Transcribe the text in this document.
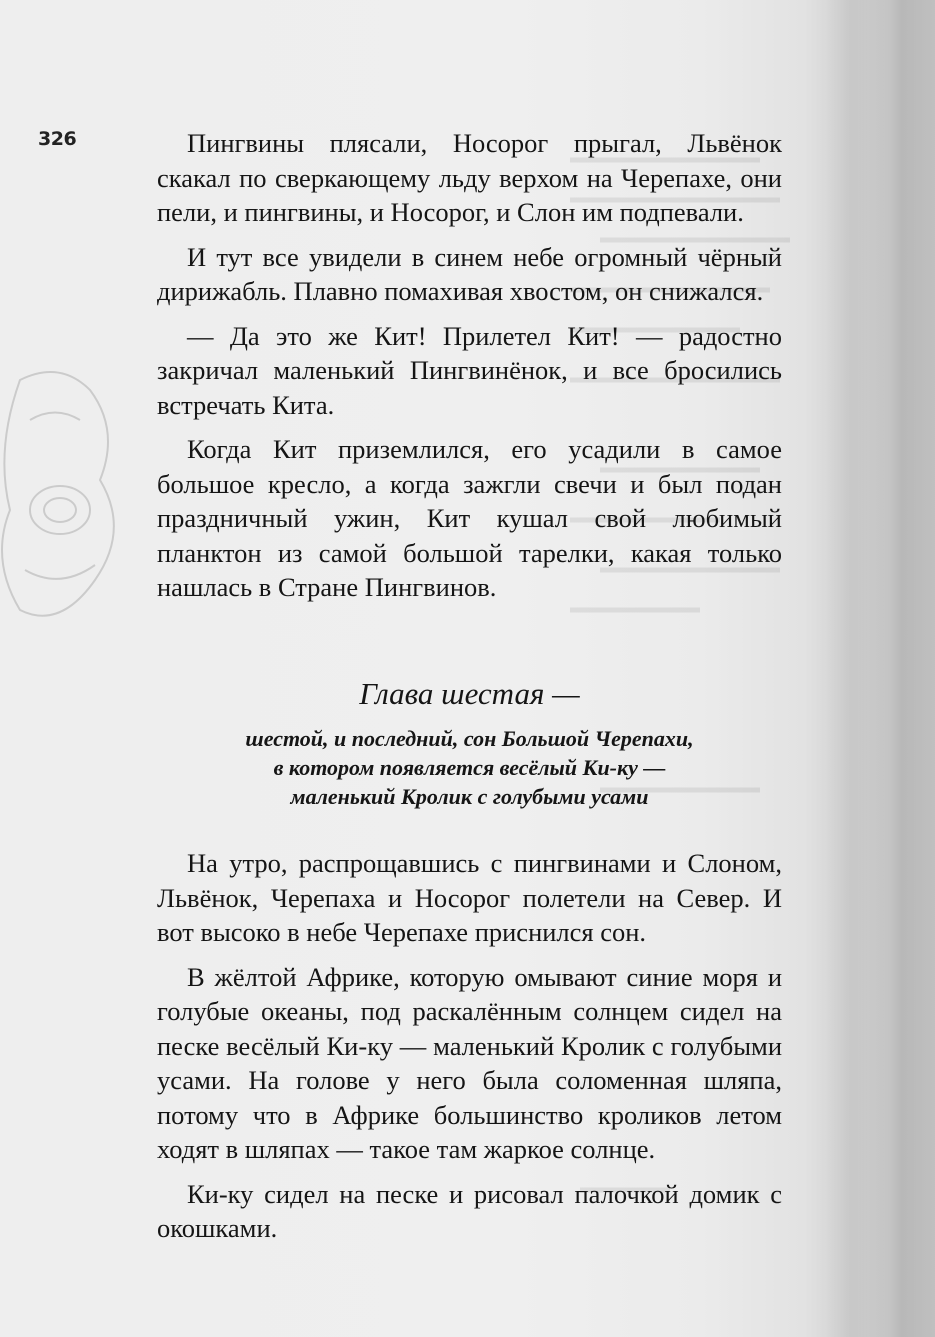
326	Пингвины плясали, Носорог прыгал, Львёнок скакал по сверкающему льду верхом на Черепахе, они пели, и пингвины, и Носорог, и Слон им подпевали.

И тут все увидели в синем небе огромный чёрный дирижабль. Плавно помахивая хвостом, он снижался.

— Да это же Кит! Прилетел Кит! — радостно закричал маленький Пингвинёнок, и все бросились встречать Кита.

Когда Кит приземлился, его усадили в самое большое кресло, а когда зажгли свечи и был подан праздничный ужин, Кит кушал свой любимый планктон из самой большой тарелки, какая только нашлась в Стране Пингвинов.

Глава шестая —
шестой, и последний, сон Большой Черепахи,
в котором появляется весёлый Ки-ку —
маленький Кролик с голубыми усами

На утро, распрощавшись с пингвинами и Слоном, Львёнок, Черепаха и Носорог полетели на Север. И вот высоко в небе Черепахе приснился сон.

В жёлтой Африке, которую омывают синие моря и голубые океаны, под раскалённым солнцем сидел на песке весёлый Ки-ку — маленький Кролик с голубыми усами. На голове у него была соломенная шляпа, потому что в Африке большинство кроликов летом ходят в шляпах — такое там жаркое солнце.

Ки-ку сидел на песке и рисовал палочкой домик с окошками.
